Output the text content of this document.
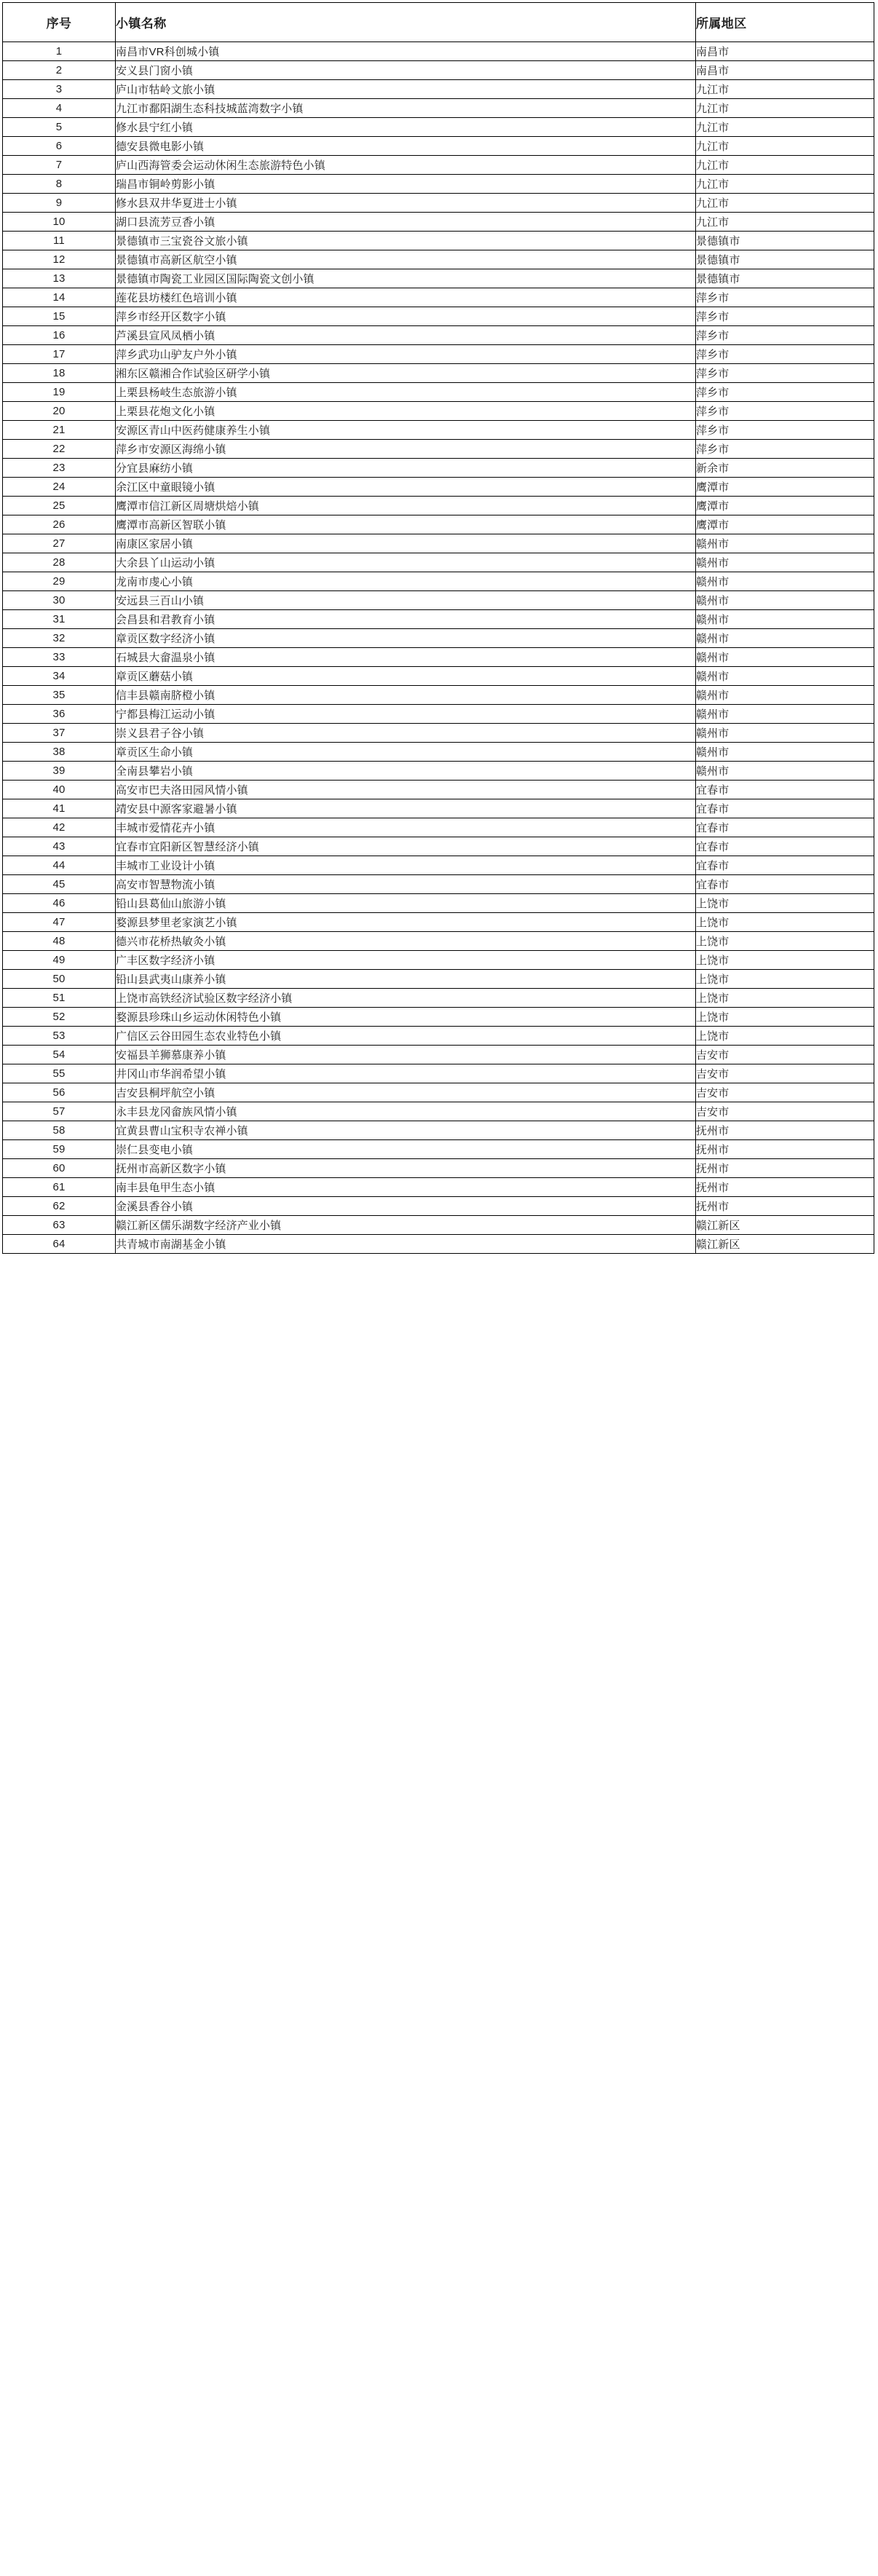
序号	小镇名称	所属地区
1	南昌市VR科创城小镇	南昌市
2	安义县门窗小镇	南昌市
3	庐山市牯岭文旅小镇	九江市
4	九江市鄱阳湖生态科技城蓝湾数字小镇	九江市
5	修水县宁红小镇	九江市
6	德安县微电影小镇	九江市
7	庐山西海管委会运动休闲生态旅游特色小镇	九江市
8	瑞昌市铜岭剪影小镇	九江市
9	修水县双井华夏进士小镇	九江市
10	湖口县流芳豆香小镇	九江市
11	景德镇市三宝瓷谷文旅小镇	景德镇市
12	景德镇市高新区航空小镇	景德镇市
13	景德镇市陶瓷工业园区国际陶瓷文创小镇	景德镇市
14	莲花县坊楼红色培训小镇	萍乡市
15	萍乡市经开区数字小镇	萍乡市
16	芦溪县宣风凤栖小镇	萍乡市
17	萍乡武功山驴友户外小镇	萍乡市
18	湘东区赣湘合作试验区研学小镇	萍乡市
19	上栗县杨岐生态旅游小镇	萍乡市
20	上栗县花炮文化小镇	萍乡市
21	安源区青山中医药健康养生小镇	萍乡市
22	萍乡市安源区海绵小镇	萍乡市
23	分宜县麻纺小镇	新余市
24	余江区中童眼镜小镇	鹰潭市
25	鹰潭市信江新区周塘烘焙小镇	鹰潭市
26	鹰潭市高新区智联小镇	鹰潭市
27	南康区家居小镇	赣州市
28	大余县丫山运动小镇	赣州市
29	龙南市虔心小镇	赣州市
30	安远县三百山小镇	赣州市
31	会昌县和君教育小镇	赣州市
32	章贡区数字经济小镇	赣州市
33	石城县大畲温泉小镇	赣州市
34	章贡区蘑菇小镇	赣州市
35	信丰县赣南脐橙小镇	赣州市
36	宁都县梅江运动小镇	赣州市
37	崇义县君子谷小镇	赣州市
38	章贡区生命小镇	赣州市
39	全南县攀岩小镇	赣州市
40	高安市巴夫洛田园风情小镇	宜春市
41	靖安县中源客家避暑小镇	宜春市
42	丰城市爱情花卉小镇	宜春市
43	宜春市宜阳新区智慧经济小镇	宜春市
44	丰城市工业设计小镇	宜春市
45	高安市智慧物流小镇	宜春市
46	铅山县葛仙山旅游小镇	上饶市
47	婺源县梦里老家演艺小镇	上饶市
48	德兴市花桥热敏灸小镇	上饶市
49	广丰区数字经济小镇	上饶市
50	铅山县武夷山康养小镇	上饶市
51	上饶市高铁经济试验区数字经济小镇	上饶市
52	婺源县珍珠山乡运动休闲特色小镇	上饶市
53	广信区云谷田园生态农业特色小镇	上饶市
54	安福县羊狮慕康养小镇	吉安市
55	井冈山市华润希望小镇	吉安市
56	吉安县桐坪航空小镇	吉安市
57	永丰县龙冈畲族风情小镇	吉安市
58	宜黄县曹山宝积寺农禅小镇	抚州市
59	崇仁县变电小镇	抚州市
60	抚州市高新区数字小镇	抚州市
61	南丰县龟甲生态小镇	抚州市
62	金溪县香谷小镇	抚州市
63	赣江新区儒乐湖数字经济产业小镇	赣江新区
64	共青城市南湖基金小镇	赣江新区
